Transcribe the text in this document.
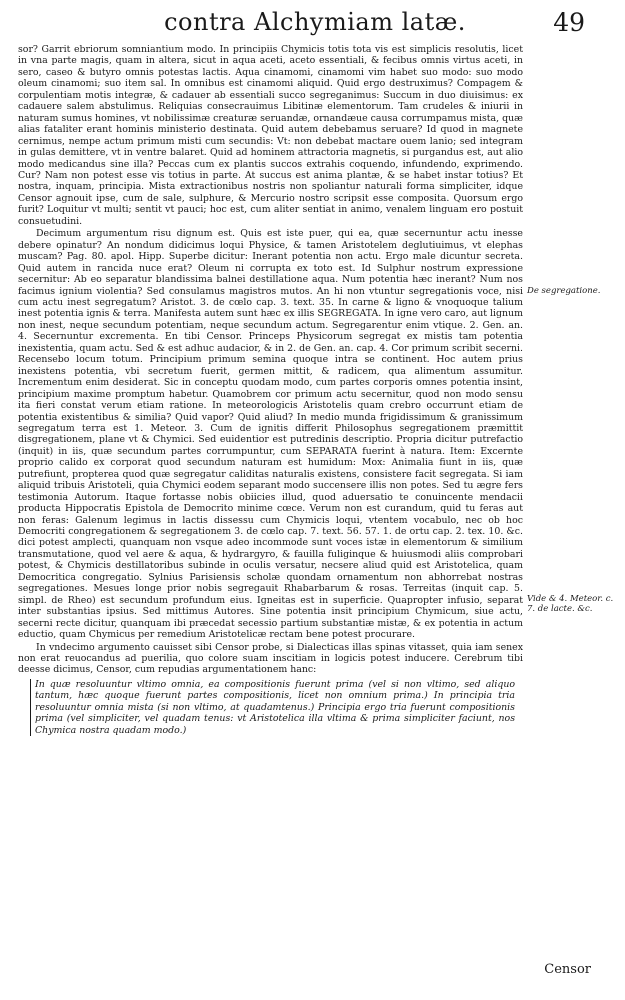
contra Alchymiam latæ.	49

sor? Garrit ebriorum somniantium modo. In principiis Chymicis totis tota vis est simplicis resolutis, licet in vna parte magis, quam in altera, sicut in aqua aceti, aceto essentiali, & fecibus omnis virtus aceti, in sero, caseo & butyro omnis potestas lactis. Aqua cinamomi, cinamomi vim habet suo modo: suo modo oleum cinamomi; suo item sal. In omnibus est cinamomi aliquid. Quid ergo destruximus? Compagem & corpulentiam motis integræ, & cadauer ab essentiali succo segreganimus: Succum in duo diuisimus: ex cadauere salem abstulimus. Reliquias consecrauimus Libitinæ elementorum. Tam crudeles & iniurii in naturam sumus homines, vt nobilissimæ creaturæ seruandæ, ornandæue causa corrumpamus mista, quæ alias fataliter erant hominis ministerio destinata. Quid autem debebamus seruare? Id quod in magnete cernimus, nempe actum primum misti cum secundis: Vt: non debebat mactare ouem lanio; sed integram in gulas demittere, vt in ventre balaret. Quid ad hominem attractoria magnetis, si purgandus est, aut alio modo medicandus sine illa? Peccas cum ex plantis succos extrahis coquendo, infundendo, exprimendo. Cur? Nam non potest esse vis totius in parte. At succus est anima plantæ, & se habet instar totius? Et nostra, inquam, principia. Mista extractionibus nostris non spoliantur naturali forma simpliciter, idque Censor agnouit ipse, cum de sale, sulphure, & Mercurio nostro scripsit esse composita. Quorsum ergo furit? Loquitur vt multi; sentit vt pauci; hoc est, cum aliter sentiat in animo, venalem linguam ero postuit consuetudini.

Decimum argumentum risu dignum est. Quis est iste puer, qui ea, quæ secernuntur actu inesse debere opinatur? An nondum didicimus loqui Physice, & tamen Aristotelem deglutiuimus, vt elephas muscam? Pag. 80. apol. Hipp. Superbe dicitur: Inerant potentia non actu. Ergo male dicuntur secreta. Quid autem in rancida nuce erat? Oleum ni corrupta ex toto est. Id Sulphur nostrum expressione secernitur: Ab eo separatur blandissima balnei destillatione aqua. Num potentia hæc inerant? Num nos facimus ignium violentia? Sed consulamus magistros mutos. An hi non vtuntur segregationis voce, nisi cum actu inest segregatum? Aristot. 3. de cœlo cap. 3. text. 35. In carne & ligno & vnoquoque talium inest potentia ignis & terra. Manifesta autem sunt hæc ex illis SEGREGATA. In igne vero caro, aut lignum non inest, neque secundum potentiam, neque secundum actum. Segregarentur enim vtique. 2. Gen. an. 4. Secernuntur excrementa. En tibi Censor. Princeps Physicorum segregat ex mistis tam potentia inexistentia, quam actu. Sed & est adhuc audacior, & in 2. de Gen. an. cap. 4. Cor primum scribit secerni. Recensebo locum totum. Principium primum semina quoque intra se continent. Hoc autem prius inexistens potentia, vbi secretum fuerit, germen mittit, & radicem, qua alimentum assumitur. Incrementum enim desiderat. Sic in conceptu quodam modo, cum partes corporis omnes potentia insint, principium maxime promptum habetur. Quamobrem cor primum actu secernitur, quod non modo sensu ita fieri constat verum etiam ratione. In meteorologicis Aristotelis quam crebro occurrunt etiam de potentia existentibus & similia? Quid vapor? Quid aliud? In medio munda frigidissimum & granissimum segregatum terra est 1. Meteor. 3. Cum de ignitis differit Philosophus segregationem præmittit disgregationem, plane vt & Chymici. Sed euidentior est putredinis descriptio. Propria dicitur putrefactio (inquit) in iis, quæ secundum partes corrumpuntur, cum SEPARATA fuerint à natura. Item: Excernte proprio calido ex corporat quod secundum naturam est humidum: Mox: Animalia fiunt in iis, quæ putrefiunt, propterea quod quæ segregatur caliditas naturalis existens, consistere facit segregata. Si iam aliquid tribuis Aristoteli, quia Chymici eodem separant modo succensere illis non potes. Sed tu ægre fers testimonia Autorum. Itaque fortasse nobis obiicies illud, quod aduersatio te conuincente mendacii producta Hippocratis Epistola de Democrito minime cœce. Verum non est curandum, quid tu feras aut non feras: Galenum legimus in lactis dissessu cum Chymicis loqui, vtentem vocabulo, nec ob hoc Democriti congregationem & segregationem 3. de cœlo cap. 7. text. 56. 57. 1. de ortu cap. 2. tex. 10. &c. dici potest amplecti, quanquam non vsque adeo incommode sunt voces istæ in elementorum & similium transmutatione, quod vel aere & aqua, & hydrargyro, & fauilla fuliginque & huiusmodi aliis comprobari potest, & Chymicis destillatoribus subinde in oculis versatur, necsere aliud quid est Aristotelica, quam Democritica congregatio. Sylnius Parisiensis scholæ quondam ornamentum non abhorrebat nostras segregationes. Mesues longe prior nobis segregauit Rhabarbarum & rosas. Terreitas (inquit cap. 5. simpl. de Rheo) est secundum profundum eius. Igneitas est in superficie. Quapropter infusio, separat inter substantias ipsius. Sed mittimus Autores. Sine potentia insit principium Chymicum, siue actu, secerni recte dicitur, quanquam ibi præcedat secessio partium substantiæ mistæ, & ex potentia in actum eductio, quam Chymicus per remedium Aristotelicæ rectam bene potest procurare.

In vndecimo argumento cauisset sibi Censor probe, si Dialecticas illas spinas vitasset, quia iam senex non erat reuocandus ad puerilia, quo colore suam inscitiam in logicis potest inducere. Cerebrum tibi deesse dicimus, Censor, cum repudias argumentationem hanc:

In quæ resoluuntur vltimo omnia, ea compositionis fuerunt prima (vel si non vltimo, sed aliquo tantum, hæc quoque fuerunt partes compositionis, licet non omnium prima.) In principia tria resoluuntur omnia mista (si non vltimo, at quadamtenus.) Principia ergo tria fuerunt compositionis prima (vel simpliciter, vel quadam tenus: vt Aristotelica illa vltima & prima simpliciter faciunt, nos Chymica nostra quadam modo.)

De segregatione.
Vide & 4. Meteor. c. 7. de lacte. &c.
Censor
